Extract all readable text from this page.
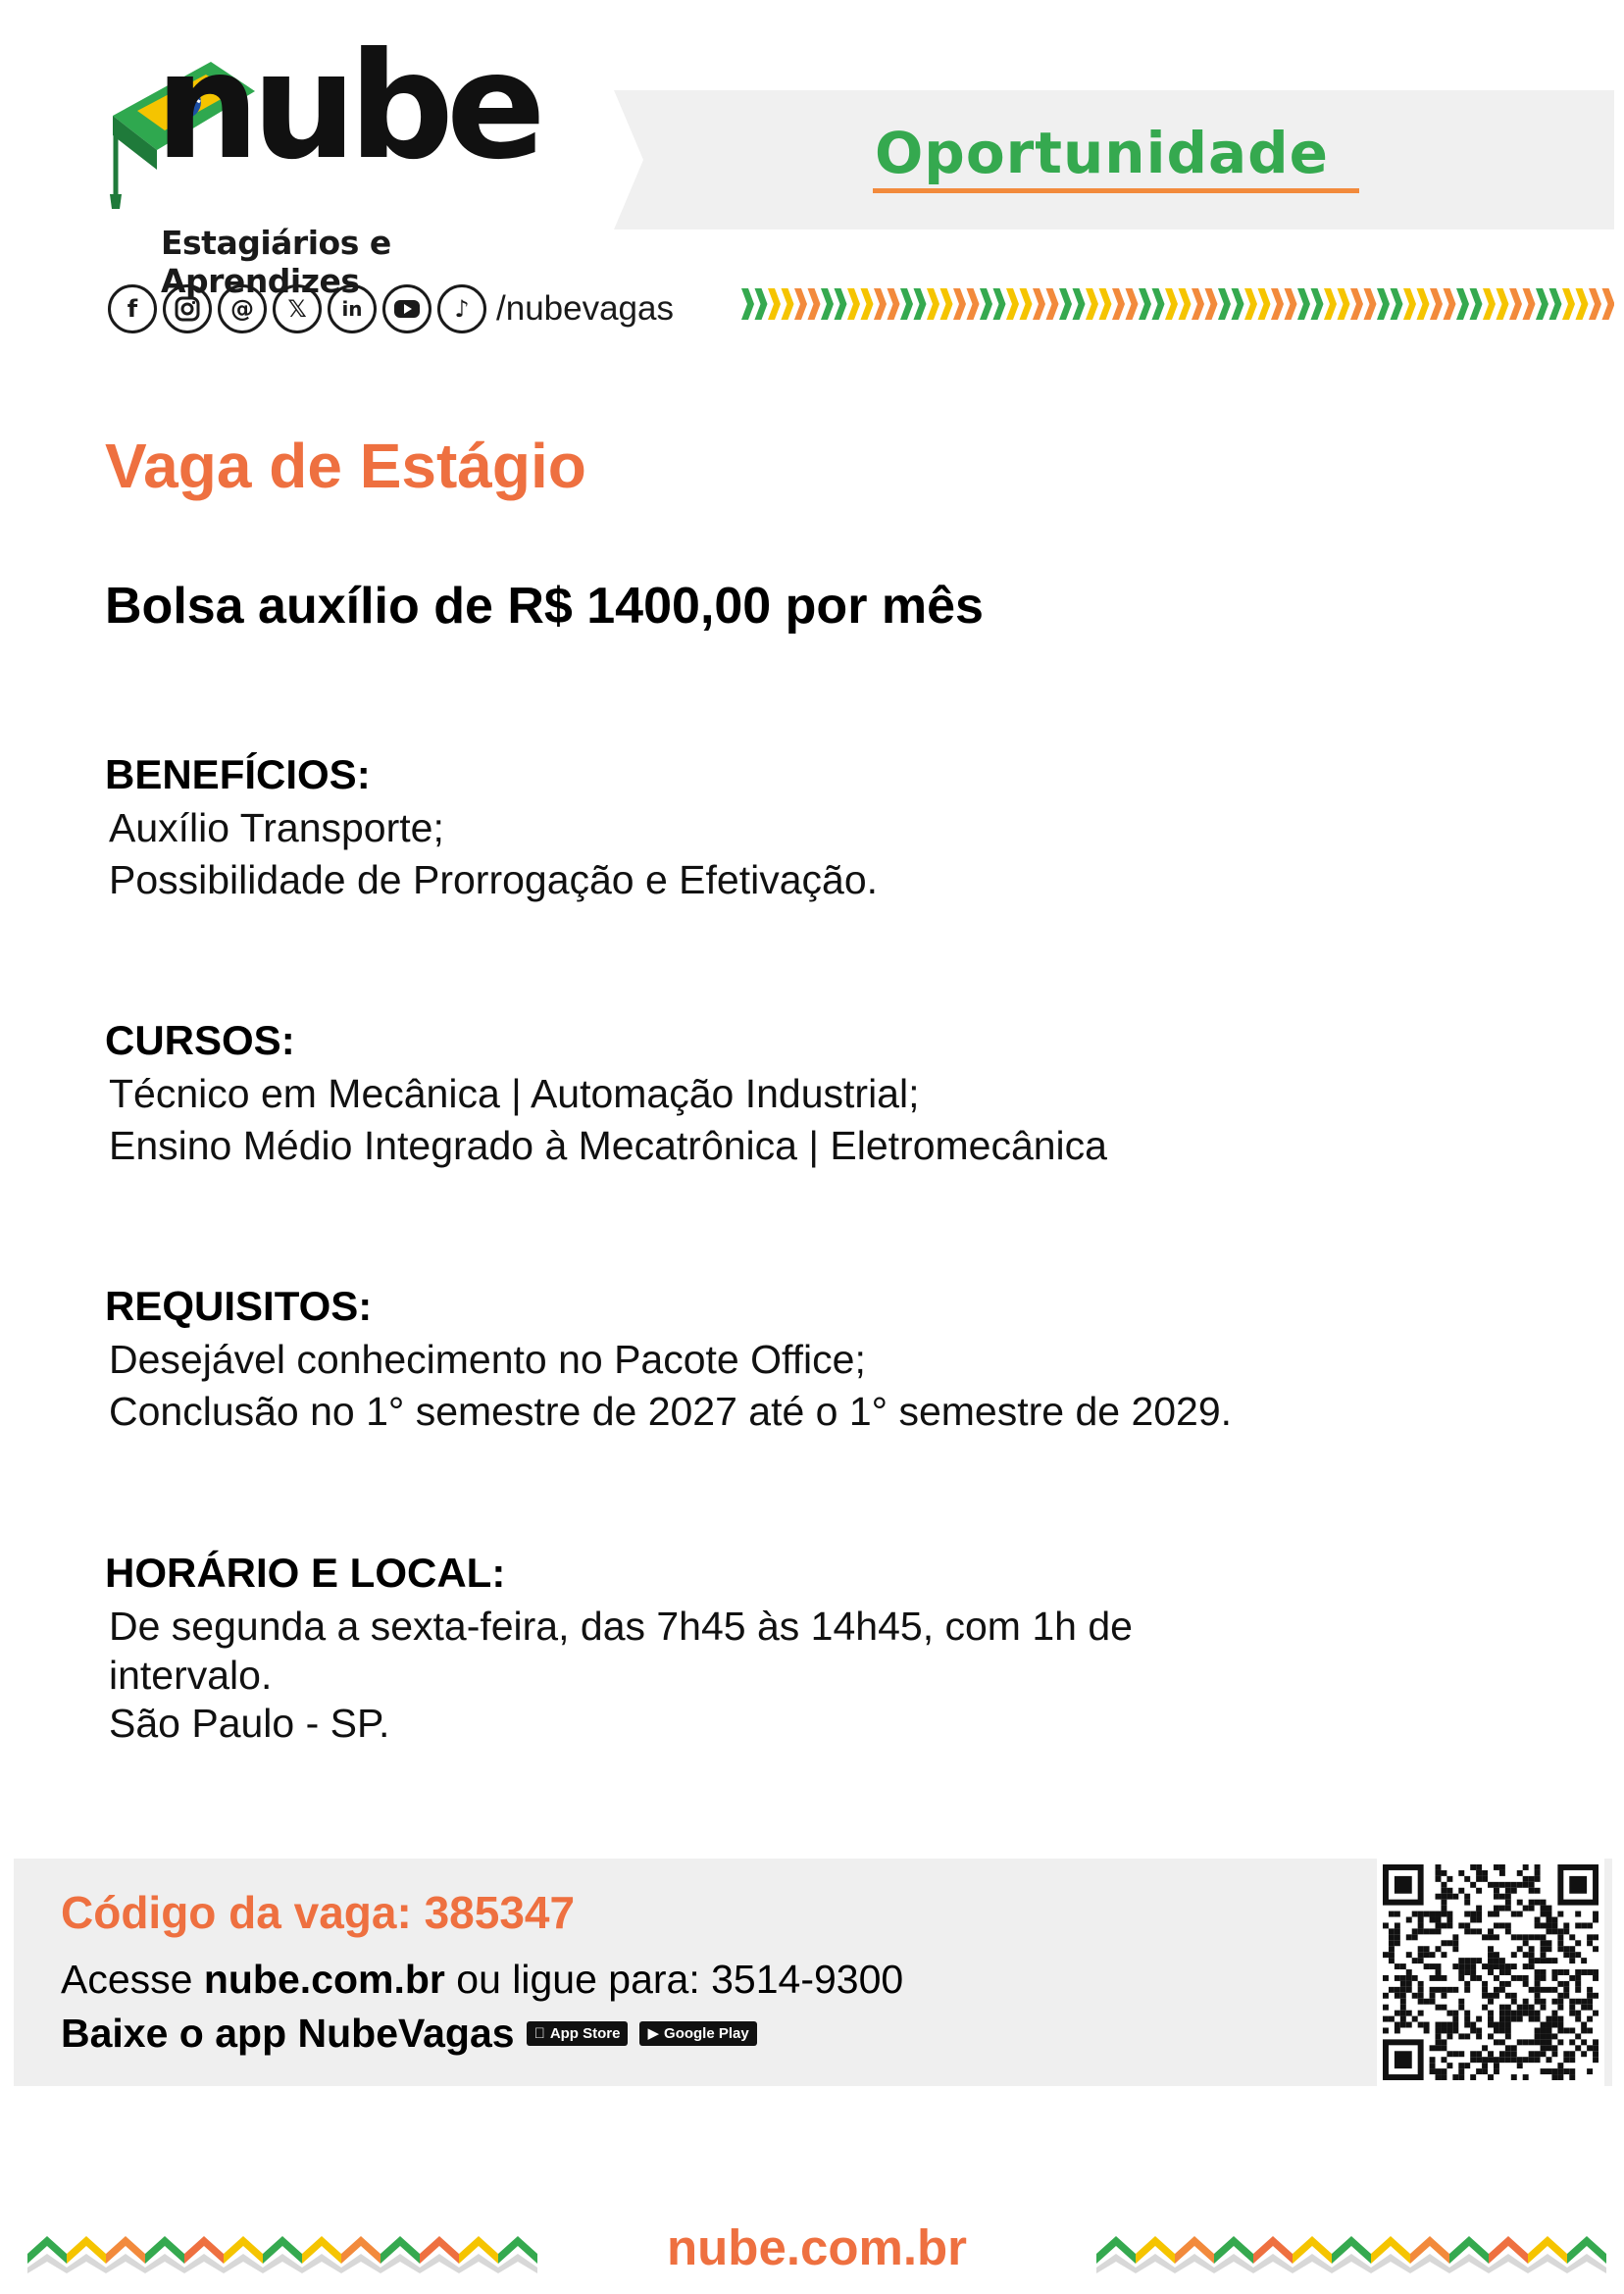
nube
Estagiários e Aprendizes
f	@	𝕏	in	♪ /nubevagas
Oportunidade
Vaga de Estágio
Bolsa auxílio de R$ 1400,00 por mês
BENEFÍCIOS:
Auxílio Transporte;
Possibilidade de Prorrogação e Efetivação.
CURSOS:
Técnico em Mecânica | Automação Industrial;
Ensino Médio Integrado à Mecatrônica | Eletromecânica
REQUISITOS:
Desejável conhecimento no Pacote Office;
Conclusão no 1° semestre de 2027 até o 1° semestre de 2029.
HORÁRIO E LOCAL:
De segunda a sexta-feira, das 7h45 às 14h45, com 1h de
intervalo.
São Paulo - SP.
Código da vaga: 385347
Acesse nube.com.br ou ligue para: 3514-9300
Baixe o app NubeVagas App Store ▶ Google Play
nube.com.br
